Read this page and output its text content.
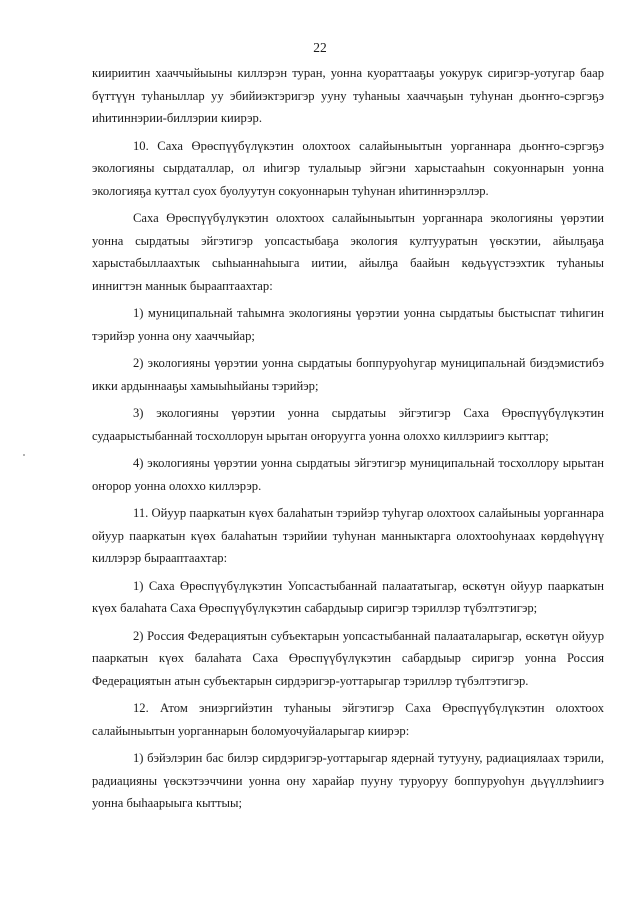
22

киириитин хааччыйыыны киллэрэн туран, уонна куораттааҕы уокурук сиригэр-уотугар баар бүттүүн туһаныллар уу эбийиэктэригэр ууну туһаныы хааччаҕын туһунан дьоҥҥо-сэргэҕэ иһитиннэрии-биллэрии киирэр.

10. Саха Өрөспүүбүлүкэтин олохтоох салайыныытын уорганнара дьоҥҥо-сэргэҕэ экологияны сырдаталлар, ол иһигэр тулалыыр эйгэни харыстааһын сокуоннарын уонна экологияҕа куттал суох буолуутун сокуоннарын туһунан иһитиннэрэллэр.

Саха Өрөспүүбүлүкэтин олохтоох салайыныытын уорганнара экологияны үөрэтии уонна сырдатыы эйгэтигэр уопсастыбаҕа экология култууратын үөскэтии, айылҕаҕа харыстабыллаахтык сыһыаннаһыыга иитии, айылҕа баайын көдьүүстээхтик туһаныы иннигтэн маннык бырааптаахтар:

1) муниципальнай таһымҥа экологияны үөрэтии уонна сырдатыы быстыспат тиһигин тэрийэр уонна ону хааччыйар;

2) экологияны үөрэтии уонна сырдатыы боппуруоһугар муниципальнай биэдэмистибэ икки ардыннааҕы хамыыһыйаны тэрийэр;

3) экологияны үөрэтии уонна сырдатыы эйгэтигэр Саха Өрөспүүбүлүкэтин судаарыстыбаннай тосхоллорун ырытан оҥоруугга уонна олоххо киллэриигэ кыттар;

4) экологияны үөрэтии уонна сырдатыы эйгэтигэр муниципальнай тосхоллору ырытан оҥорор уонна олоххо киллэрэр.

11. Ойуур пааркатын күөх балаһатын тэрийэр туһугар олохтоох салайыныы уорганнара ойуур пааркатын күөх балаһатын тэрийии туһунан манныктарга олохтооһунаах көрдөһүүнү киллэрэр бырааптаахтар:

1) Саха Өрөспүүбүлүкэтин Уопсастыбаннай палаататыгар, өскөтүн ойуур пааркатын күөх балаһата Саха Өрөспүүбүлүкэтин сабардыыр сиригэр тэриллэр түбэлтэтигэр;

2) Россия Федерациятын субъектарын уопсастыбаннай палааталарыгар, өскөтүн ойуур пааркатын күөх балаһата Саха Өрөспүүбүлүкэтин сабардыыр сиригэр уонна Россия Федерациятын атын субъектарын сирдэригэр-уоттарыгар тэриллэр түбэлтэтигэр.

12. Атом эниэргийэтин туһаныы эйгэтигэр Саха Өрөспүүбүлүкэтин олохтоох салайыныытын уорганнарын боломуочуйаларыгар киирэр:

1) бэйэлэрин бас билэр сирдэригэр-уоттарыгар ядернай тутууну, радиациялаах тэрили, радиацияны үөскэтээччини уонна ону харайар пууну туруоруу боппуруоһун дьүүллэһиигэ уонна быһаарыыга кыттыы;
